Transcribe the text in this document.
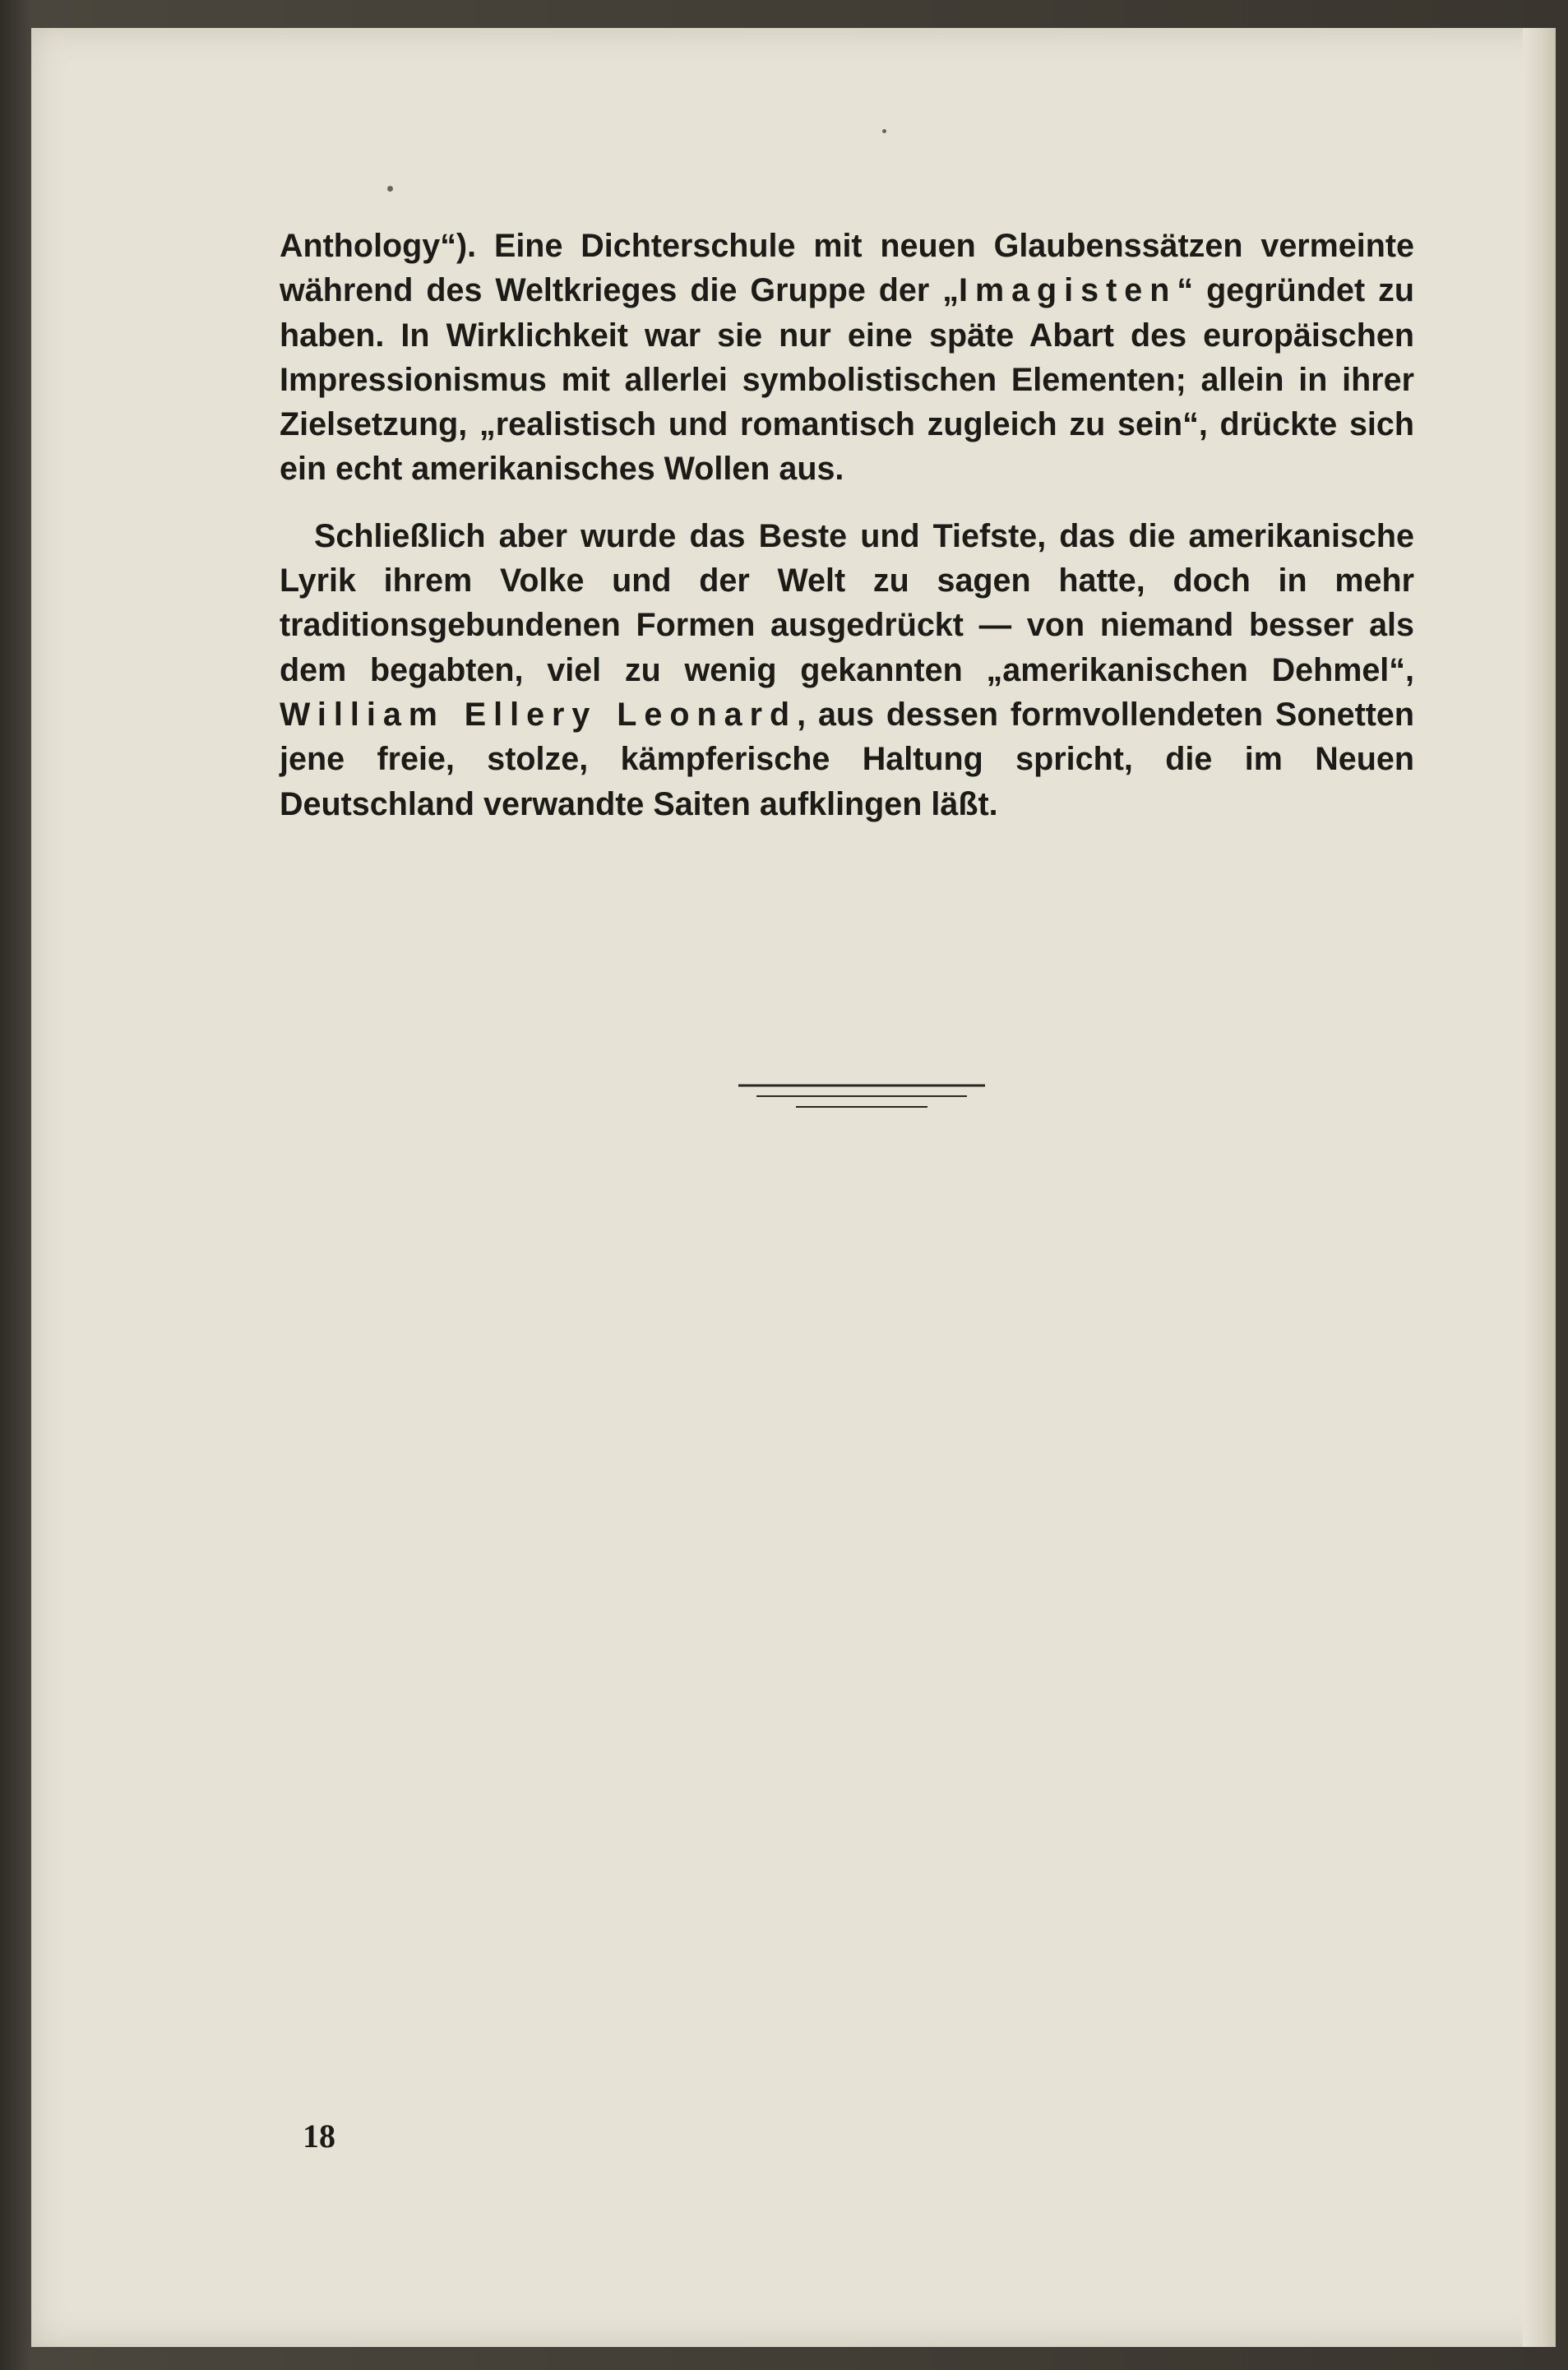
Anthology“). Eine Dichterschule mit neuen Glaubenssätzen vermeinte während des Weltkrieges die Gruppe der „Imagisten“ gegründet zu haben. In Wirklichkeit war sie nur eine späte Abart des europäischen Impressionismus mit allerlei symbolistischen Elementen; allein in ihrer Zielsetzung, „realistisch und romantisch zugleich zu sein“, drückte sich ein echt amerikanisches Wollen aus.

Schließlich aber wurde das Beste und Tiefste, das die amerikanische Lyrik ihrem Volke und der Welt zu sagen hatte, doch in mehr traditionsgebundenen Formen ausgedrückt — von niemand besser als dem begabten, viel zu wenig gekannten „amerikanischen Dehmel“, William Ellery Leonard, aus dessen formvollendeten Sonetten jene freie, stolze, kämpferische Haltung spricht, die im Neuen Deutschland verwandte Saiten aufklingen läßt.

18
